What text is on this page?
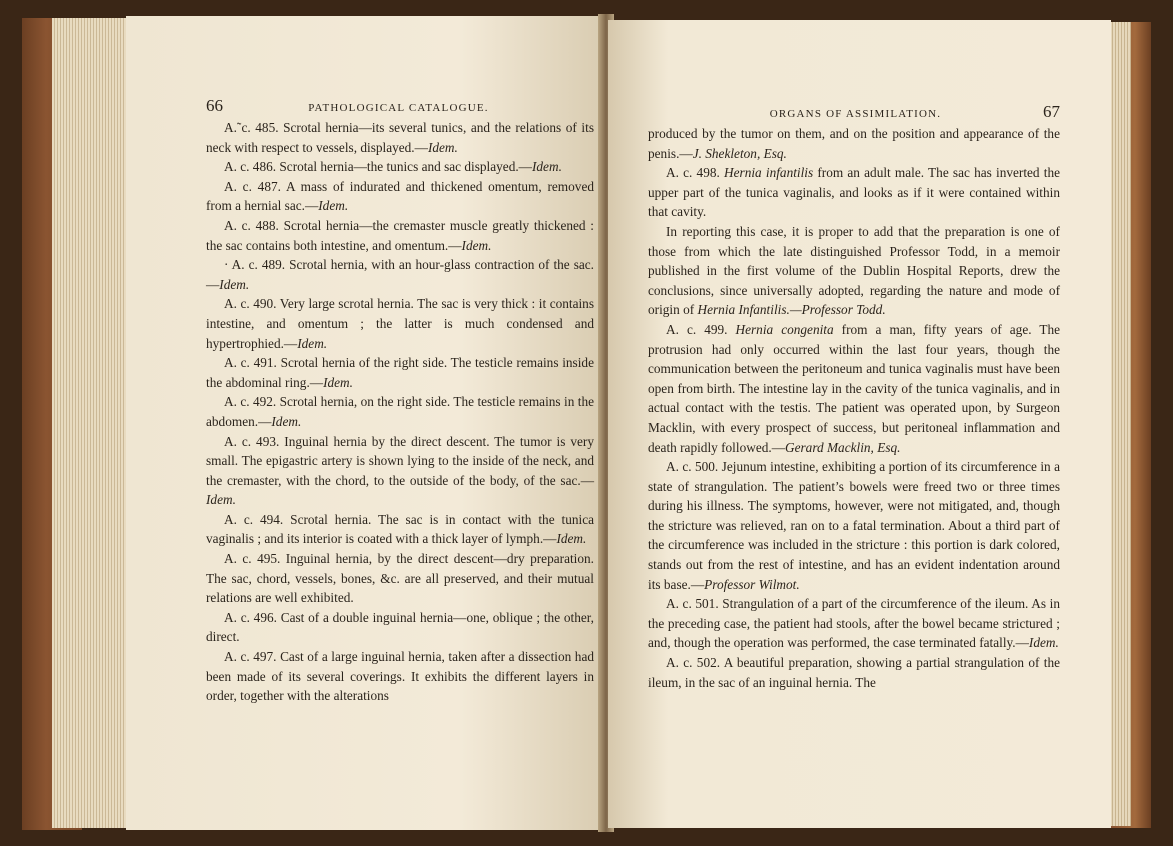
66	PATHOLOGICAL CATALOGUE.

A.̃ c. 485. Scrotal hernia—its several tunics, and the relations of its neck with respect to vessels, displayed.—Idem.

A. c. 486. Scrotal hernia—the tunics and sac displayed.—Idem.

A. c. 487. A mass of indurated and thickened omentum, removed from a hernial sac.—Idem.

A. c. 488. Scrotal hernia—the cremaster muscle greatly thickened : the sac contains both intestine, and omentum.—Idem.

· A. c. 489. Scrotal hernia, with an hour-glass contraction of the sac.—Idem.

A. c. 490. Very large scrotal hernia. The sac is very thick : it contains intestine, and omentum ; the latter is much condensed and hypertrophied.—Idem.

A. c. 491. Scrotal hernia of the right side. The testicle remains inside the abdominal ring.—Idem.

A. c. 492. Scrotal hernia, on the right side. The testicle remains in the abdomen.—Idem.

A. c. 493. Inguinal hernia by the direct descent. The tumor is very small. The epigastric artery is shown lying to the inside of the neck, and the cremaster, with the chord, to the outside of the body, of the sac.—Idem.

A. c. 494. Scrotal hernia. The sac is in contact with the tunica vaginalis ; and its interior is coated with a thick layer of lymph.—Idem.

A. c. 495. Inguinal hernia, by the direct descent—dry preparation. The sac, chord, vessels, bones, &c. are all preserved, and their mutual relations are well exhibited.

A. c. 496. Cast of a double inguinal hernia—one, oblique ; the other, direct.

A. c. 497. Cast of a large inguinal hernia, taken after a dissection had been made of its several coverings. It exhibits the different layers in order, together with the alterations

ORGANS OF ASSIMILATION.	67

produced by the tumor on them, and on the position and appearance of the penis.—J. Shekleton, Esq.

A. c. 498. Hernia infantilis from an adult male. The sac has inverted the upper part of the tunica vaginalis, and looks as if it were contained within that cavity.

In reporting this case, it is proper to add that the preparation is one of those from which the late distinguished Professor Todd, in a memoir published in the first volume of the Dublin Hospital Reports, drew the conclusions, since universally adopted, regarding the nature and mode of origin of Hernia Infantilis.—Professor Todd.

A. c. 499. Hernia congenita from a man, fifty years of age. The protrusion had only occurred within the last four years, though the communication between the peritoneum and tunica vaginalis must have been open from birth. The intestine lay in the cavity of the tunica vaginalis, and in actual contact with the testis. The patient was operated upon, by Surgeon Macklin, with every prospect of success, but peritoneal inflammation and death rapidly followed.—Gerard Macklin, Esq.

A. c. 500. Jejunum intestine, exhibiting a portion of its circumference in a state of strangulation. The patient’s bowels were freed two or three times during his illness. The symptoms, however, were not mitigated, and, though the stricture was relieved, ran on to a fatal termination. About a third part of the circumference was included in the stricture : this portion is dark colored, stands out from the rest of intestine, and has an evident indentation around its base.—Professor Wilmot.

A. c. 501. Strangulation of a part of the circumference of the ileum. As in the preceding case, the patient had stools, after the bowel became strictured ; and, though the operation was performed, the case terminated fatally.—Idem.

A. c. 502. A beautiful preparation, showing a partial strangulation of the ileum, in the sac of an inguinal hernia. The
